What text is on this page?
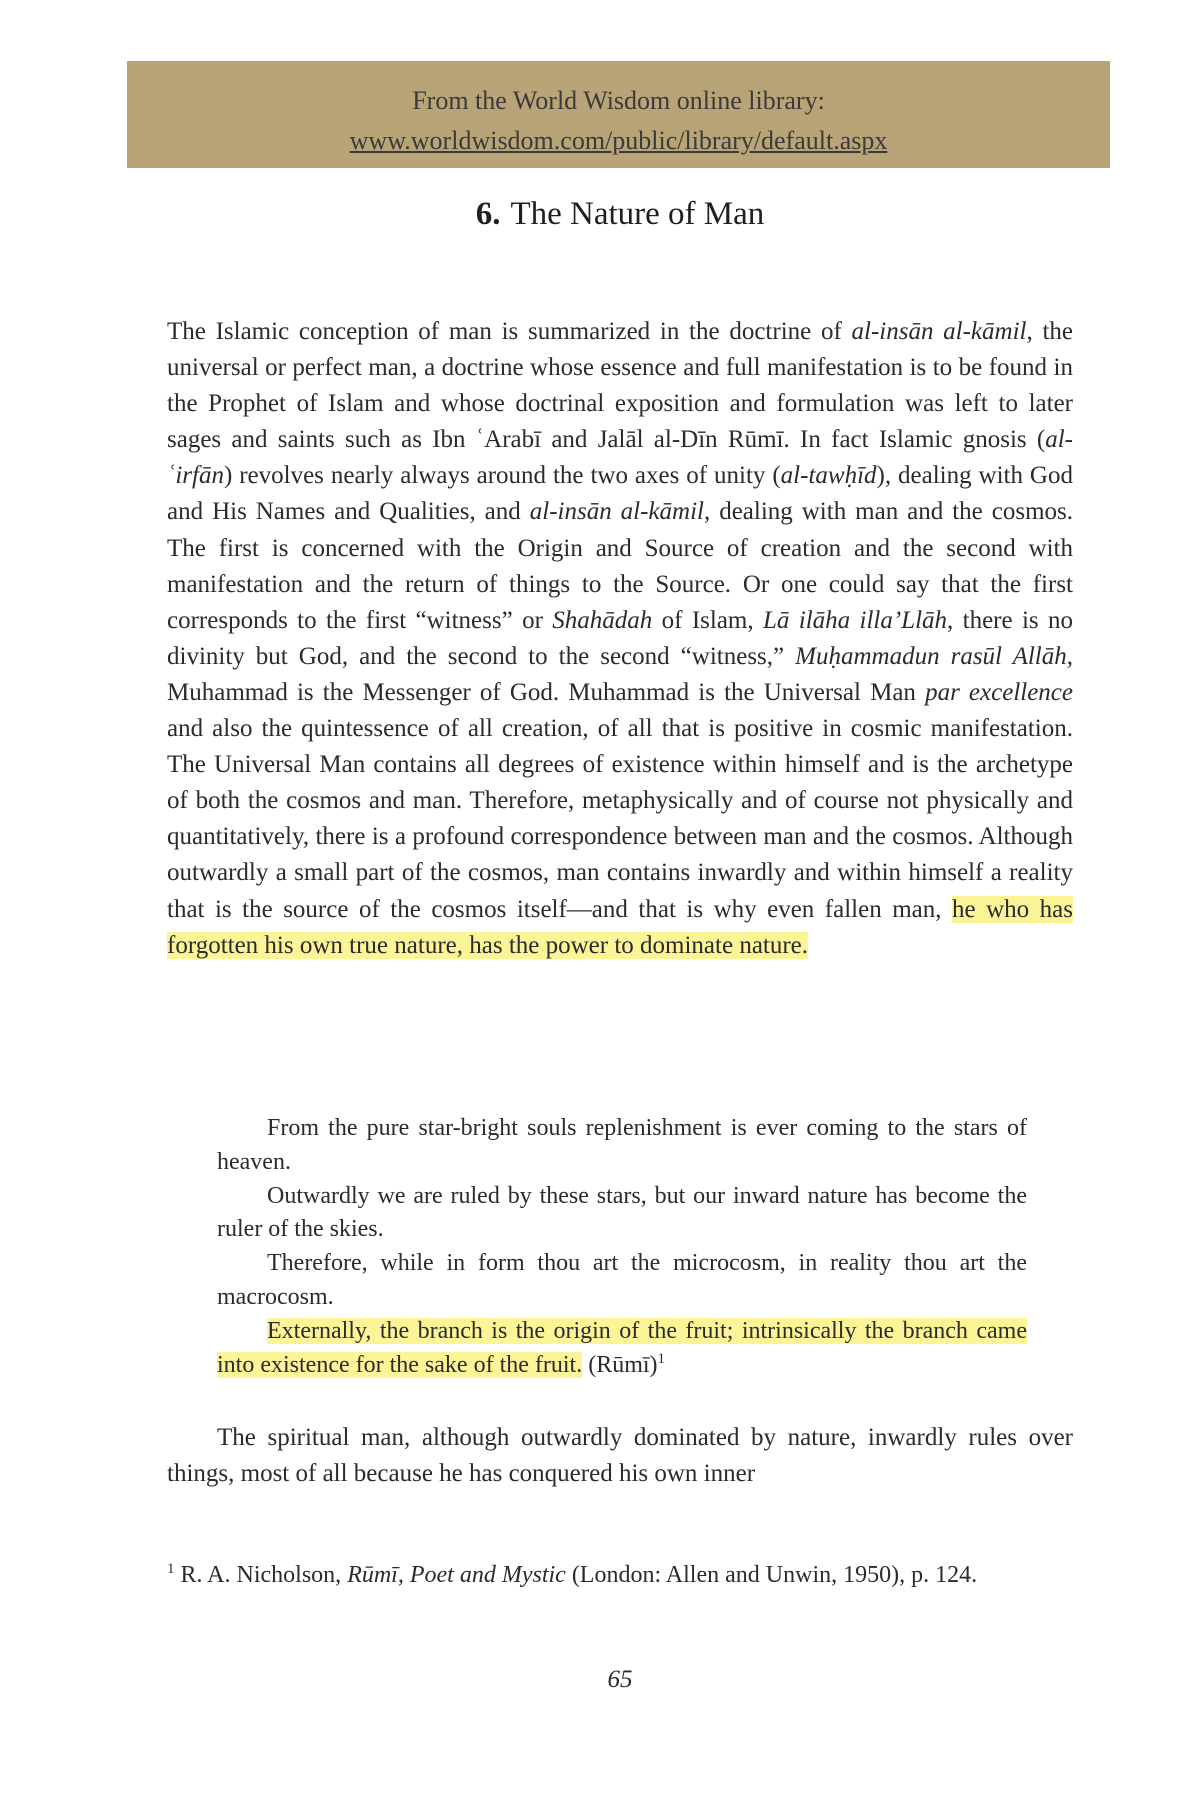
From the World Wisdom online library:
www.worldwisdom.com/public/library/default.aspx
6. The Nature of Man
The Islamic conception of man is summarized in the doctrine of al-insān al-kāmil, the universal or perfect man, a doctrine whose essence and full manifestation is to be found in the Prophet of Islam and whose doctrinal exposition and formulation was left to later sages and saints such as Ibn ʿArabī and Jalāl al-Dīn Rūmī. In fact Islamic gnosis (al-ʿirfān) revolves nearly always around the two axes of unity (al-tawḥīd), dealing with God and His Names and Qualities, and al-insān al-kāmil, dealing with man and the cosmos. The first is concerned with the Origin and Source of creation and the second with manifestation and the return of things to the Source. Or one could say that the first corresponds to the first “witness” or Shahādah of Islam, Lā ilāha illa’Llāh, there is no divinity but God, and the second to the second “witness,” Muḥammadun rasūl Allāh, Muhammad is the Messenger of God. Muhammad is the Universal Man par excellence and also the quintessence of all creation, of all that is positive in cosmic manifestation. The Universal Man contains all degrees of existence within himself and is the archetype of both the cosmos and man. Therefore, metaphysically and of course not physically and quantitatively, there is a profound correspondence between man and the cosmos. Although outwardly a small part of the cosmos, man contains inwardly and within himself a reality that is the source of the cosmos itself—and that is why even fallen man, he who has forgotten his own true nature, has the power to dominate nature.

From the pure star-bright souls replenishment is ever coming to the stars of heaven.

Outwardly we are ruled by these stars, but our inward nature has become the ruler of the skies.

Therefore, while in form thou art the microcosm, in reality thou art the macrocosm.

Externally, the branch is the origin of the fruit; intrinsically the branch came into existence for the sake of the fruit. (Rūmī)$^1$

The spiritual man, although outwardly dominated by nature, inwardly rules over things, most of all because he has conquered his own inner
$^1$ R. A. Nicholson, Rūmī, Poet and Mystic (London: Allen and Unwin, 1950), p. 124.
65
